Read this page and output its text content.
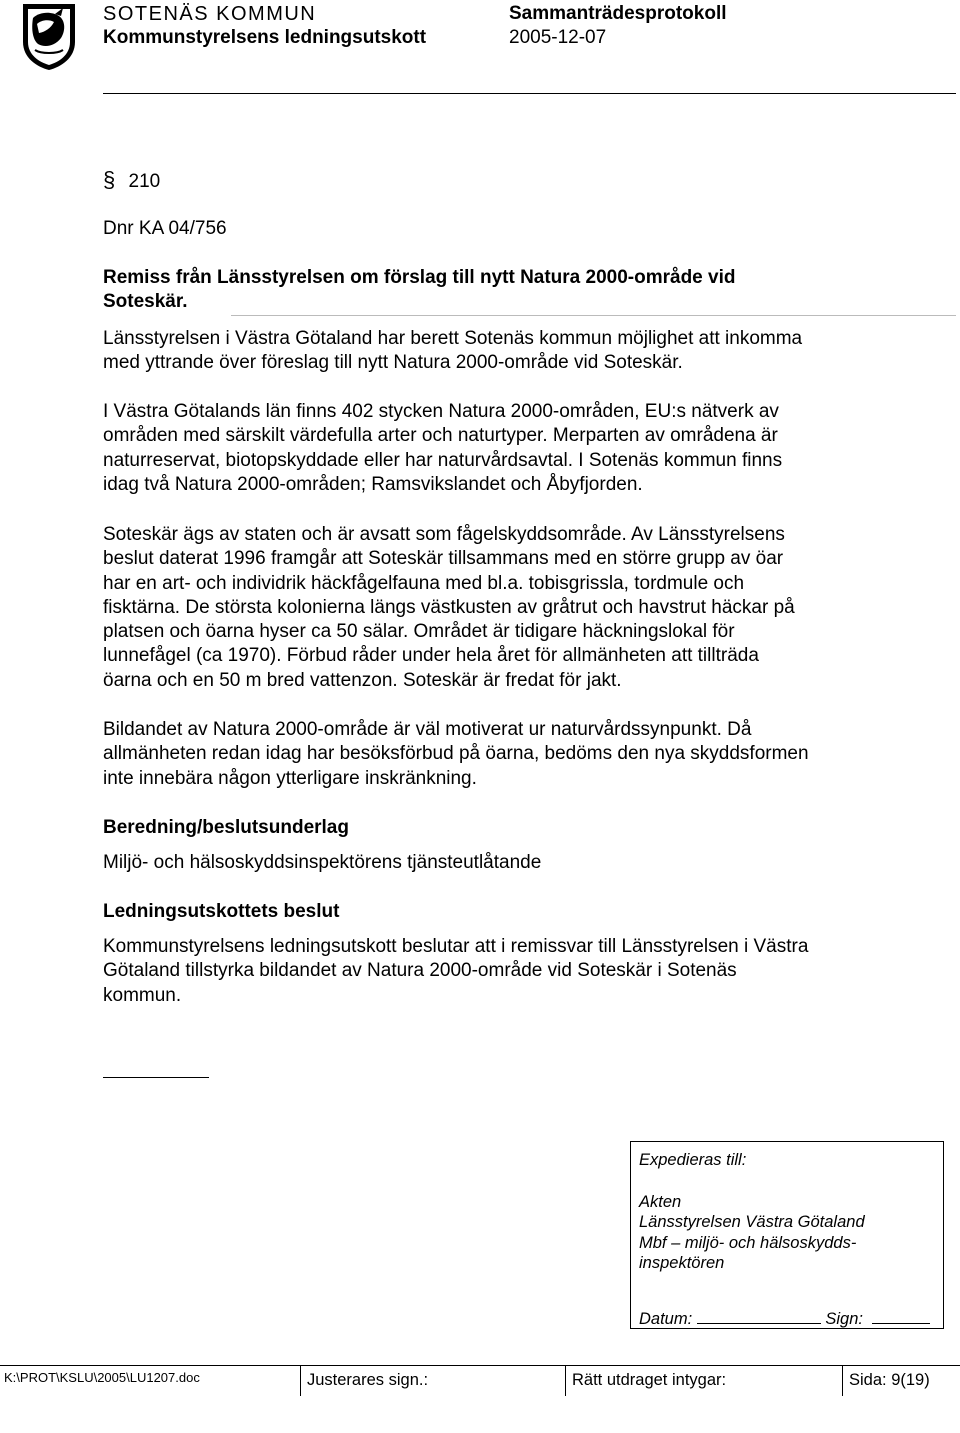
SOTENÄS KOMMUN
Kommunstyrelsens ledningsutskott
Sammanträdesprotokoll
2005-12-07
§ 210
Dnr KA 04/756

Remiss från Länsstyrelsen om förslag till nytt Natura 2000-område vid

Soteskär.

Länsstyrelsen i Västra Götaland har berett Sotenäs kommun möjlighet att inkomma

med yttrande över föreslag till nytt Natura 2000-område vid Soteskär.

I Västra Götalands län finns 402 stycken Natura 2000-områden, EU:s nätverk av

områden med särskilt värdefulla arter och naturtyper. Merparten av områdena är

naturreservat, biotopskyddade eller har naturvårdsavtal. I Sotenäs kommun finns

idag två Natura 2000-områden; Ramsvikslandet och Åbyfjorden.

Soteskär ägs av staten och är avsatt som fågelskyddsområde. Av Länsstyrelsens

beslut daterat 1996 framgår att Soteskär tillsammans med en större grupp av öar

har en art- och individrik häckfågelfauna med bl.a. tobisgrissla, tordmule och

fisktärna. De största kolonierna längs västkusten av gråtrut och havstrut häckar på

platsen och öarna hyser ca 50 sälar. Området är tidigare häckningslokal för

lunnefågel (ca 1970). Förbud råder under hela året för allmänheten att tillträda

öarna och en 50 m bred vattenzon. Soteskär är fredat för jakt.

Bildandet av Natura 2000-område är väl motiverat ur naturvårdssynpunkt. Då

allmänheten redan idag har besöksförbud på öarna, bedöms den nya skyddsformen

inte innebära någon ytterligare inskränkning.

Beredning/beslutsunderlag
Miljö- och hälsoskyddsinspektörens tjänsteutlåtande
Ledningsutskottets beslut

Kommunstyrelsens ledningsutskott beslutar att i remissvar till Länsstyrelsen i Västra

Götaland tillstyrka bildandet av Natura 2000-område vid Soteskär i Sotenäs

kommun.

Expedieras till:

Akten

Länsstyrelsen Västra Götaland

Mbf – miljö- och hälsoskydds-

inspektören

Datum:	Sign:

K:\PROT\KSLU\2005\LU1207.doc	Justerares sign.:	Rätt utdraget intygar:	Sida: 9(19)
